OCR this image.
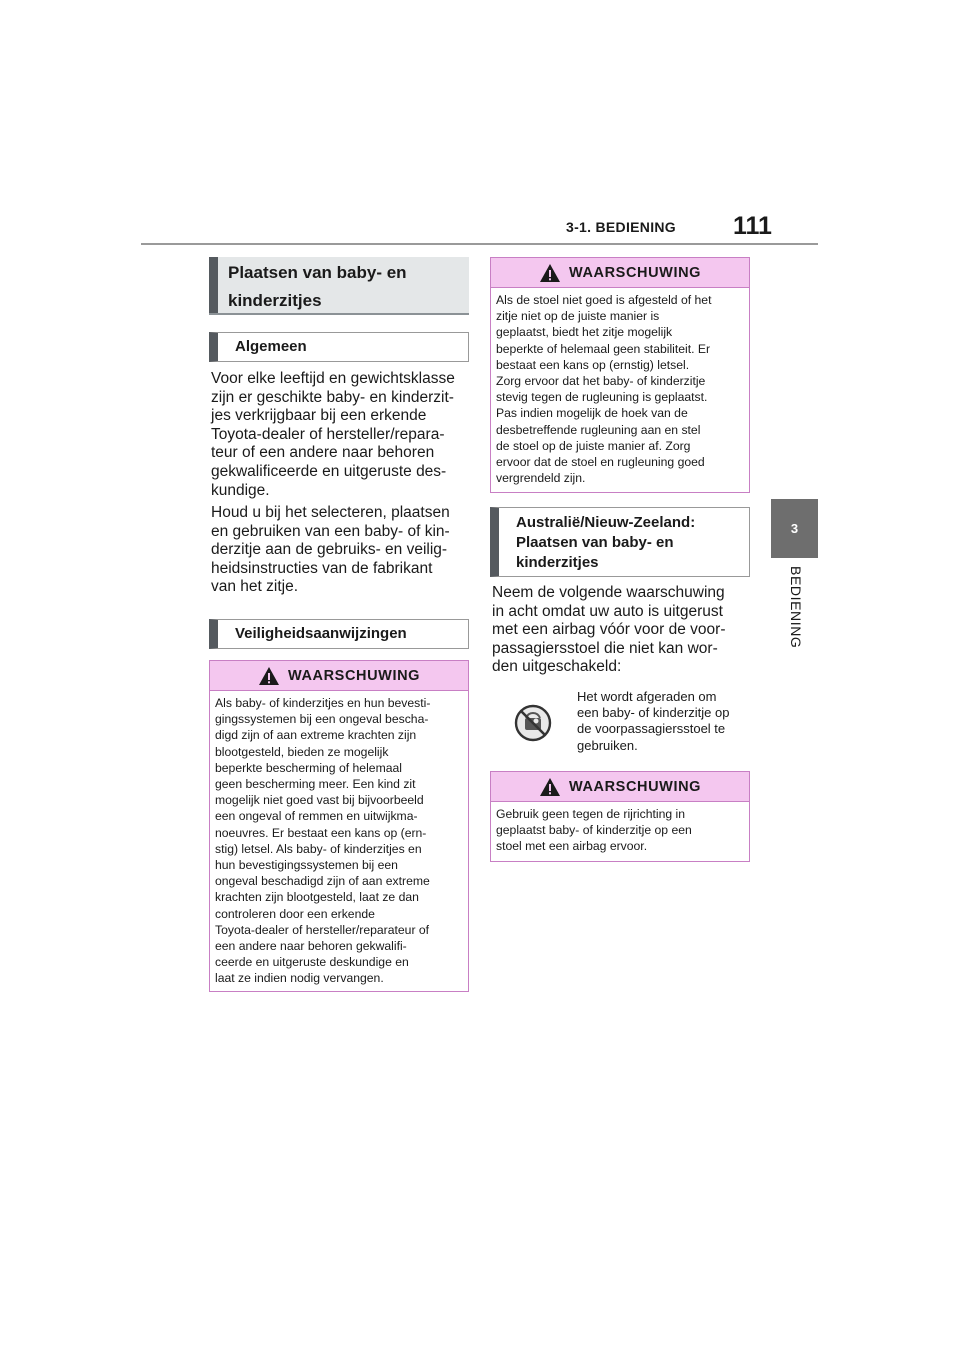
3-1. BEDIENING 111
3
BEDIENING
Plaatsen van baby- en
kinderzitjes
Algemeen

Voor elke leeftijd en gewichtsklasse

zijn er geschikte baby- en kinderzit-

jes verkrijgbaar bij een erkende

Toyota-dealer of hersteller/repara-

teur of een andere naar behoren

gekwalificeerde en uitgeruste des-

kundige.

Houd u bij het selecteren, plaatsen

en gebruiken van een baby- of kin-

derzitje aan de gebruiks- en veilig-

heidsinstructies van de fabrikant

van het zitje.

Veiligheidsaanwijzingen
WAARSCHUWING
Als baby- of kinderzitjes en hun bevesti-
gingssystemen bij een ongeval bescha-
digd zijn of aan extreme krachten zijn
blootgesteld, bieden ze mogelijk
beperkte bescherming of helemaal
geen bescherming meer. Een kind zit
mogelijk niet goed vast bij bijvoorbeeld
een ongeval of remmen en uitwijkma-
noeuvres. Er bestaat een kans op (ern-
stig) letsel. Als baby- of kinderzitjes en
hun bevestigingssystemen bij een
ongeval beschadigd zijn of aan extreme
krachten zijn blootgesteld, laat ze dan
controleren door een erkende
Toyota-dealer of hersteller/reparateur of
een andere naar behoren gekwalifi-
ceerde en uitgeruste deskundige en
laat ze indien nodig vervangen.
WAARSCHUWING
Als de stoel niet goed is afgesteld of het
zitje niet op de juiste manier is
geplaatst, biedt het zitje mogelijk
beperkte of helemaal geen stabiliteit. Er
bestaat een kans op (ernstig) letsel.
Zorg ervoor dat het baby- of kinderzitje
stevig tegen de rugleuning is geplaatst.
Pas indien mogelijk de hoek van de
desbetreffende rugleuning aan en stel
de stoel op de juiste manier af. Zorg
ervoor dat de stoel en rugleuning goed
vergrendeld zijn.
Australië/Nieuw-Zeeland:
Plaatsen van baby- en
kinderzitjes

Neem de volgende waarschuwing

in acht omdat uw auto is uitgerust

met een airbag vóór voor de voor-

passagiersstoel die niet kan wor-

den uitgeschakeld:

Het wordt afgeraden om
een baby- of kinderzitje op
de voorpassagiersstoel te
gebruiken.
WAARSCHUWING
Gebruik geen tegen de rijrichting in
geplaatst baby- of kinderzitje op een
stoel met een airbag ervoor.
